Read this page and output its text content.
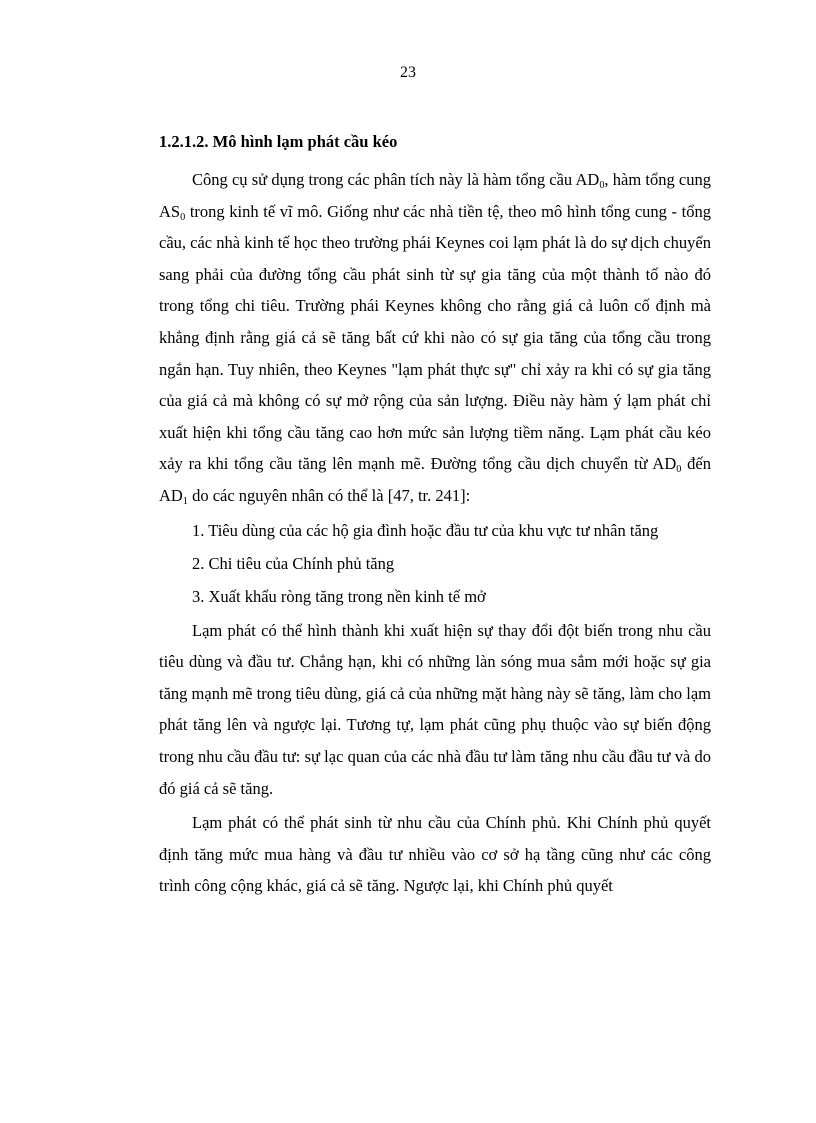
23

1.2.1.2. Mô hình lạm phát cầu kéo

Công cụ sử dụng trong các phân tích này là hàm tổng cầu $AD_0$, hàm tổng cung $AS_0$ trong kinh tế vĩ mô. Giống như các nhà tiền tệ, theo mô hình tổng cung - tổng cầu, các nhà kinh tế học theo trường phái Keynes coi lạm phát là do sự dịch chuyển sang phải của đường tổng cầu phát sinh từ sự gia tăng của một thành tố nào đó trong tổng chi tiêu. Trường phái Keynes không cho rằng giá cả luôn cố định mà khẳng định rằng giá cả sẽ tăng bất cứ khi nào có sự gia tăng của tổng cầu trong ngắn hạn. Tuy nhiên, theo Keynes "lạm phát thực sự" chỉ xảy ra khi có sự gia tăng của giá cả mà không có sự mở rộng của sản lượng. Điều này hàm ý lạm phát chỉ xuất hiện khi tổng cầu tăng cao hơn mức sản lượng tiềm năng. Lạm phát cầu kéo xảy ra khi tổng cầu tăng lên mạnh mẽ. Đường tổng cầu dịch chuyển từ $AD_0$ đến $AD_1$ do các nguyên nhân có thể là [47, tr. 241]:

1. Tiêu dùng của các hộ gia đình hoặc đầu tư của khu vực tư nhân tăng

2. Chi tiêu của Chính phủ tăng

3. Xuất khẩu ròng tăng trong nền kinh tế mở

Lạm phát có thể hình thành khi xuất hiện sự thay đổi đột biến trong nhu cầu tiêu dùng và đầu tư. Chẳng hạn, khi có những làn sóng mua sắm mới hoặc sự gia tăng mạnh mẽ trong tiêu dùng, giá cả của những mặt hàng này sẽ tăng, làm cho lạm phát tăng lên và ngược lại. Tương tự, lạm phát cũng phụ thuộc vào sự biến động trong nhu cầu đầu tư: sự lạc quan của các nhà đầu tư làm tăng nhu cầu đầu tư và do đó giá cả sẽ tăng.

Lạm phát có thể phát sinh từ nhu cầu của Chính phủ. Khi Chính phủ quyết định tăng mức mua hàng và đầu tư nhiều vào cơ sở hạ tầng cũng như các công trình công cộng khác, giá cả sẽ tăng. Ngược lại, khi Chính phủ quyết
